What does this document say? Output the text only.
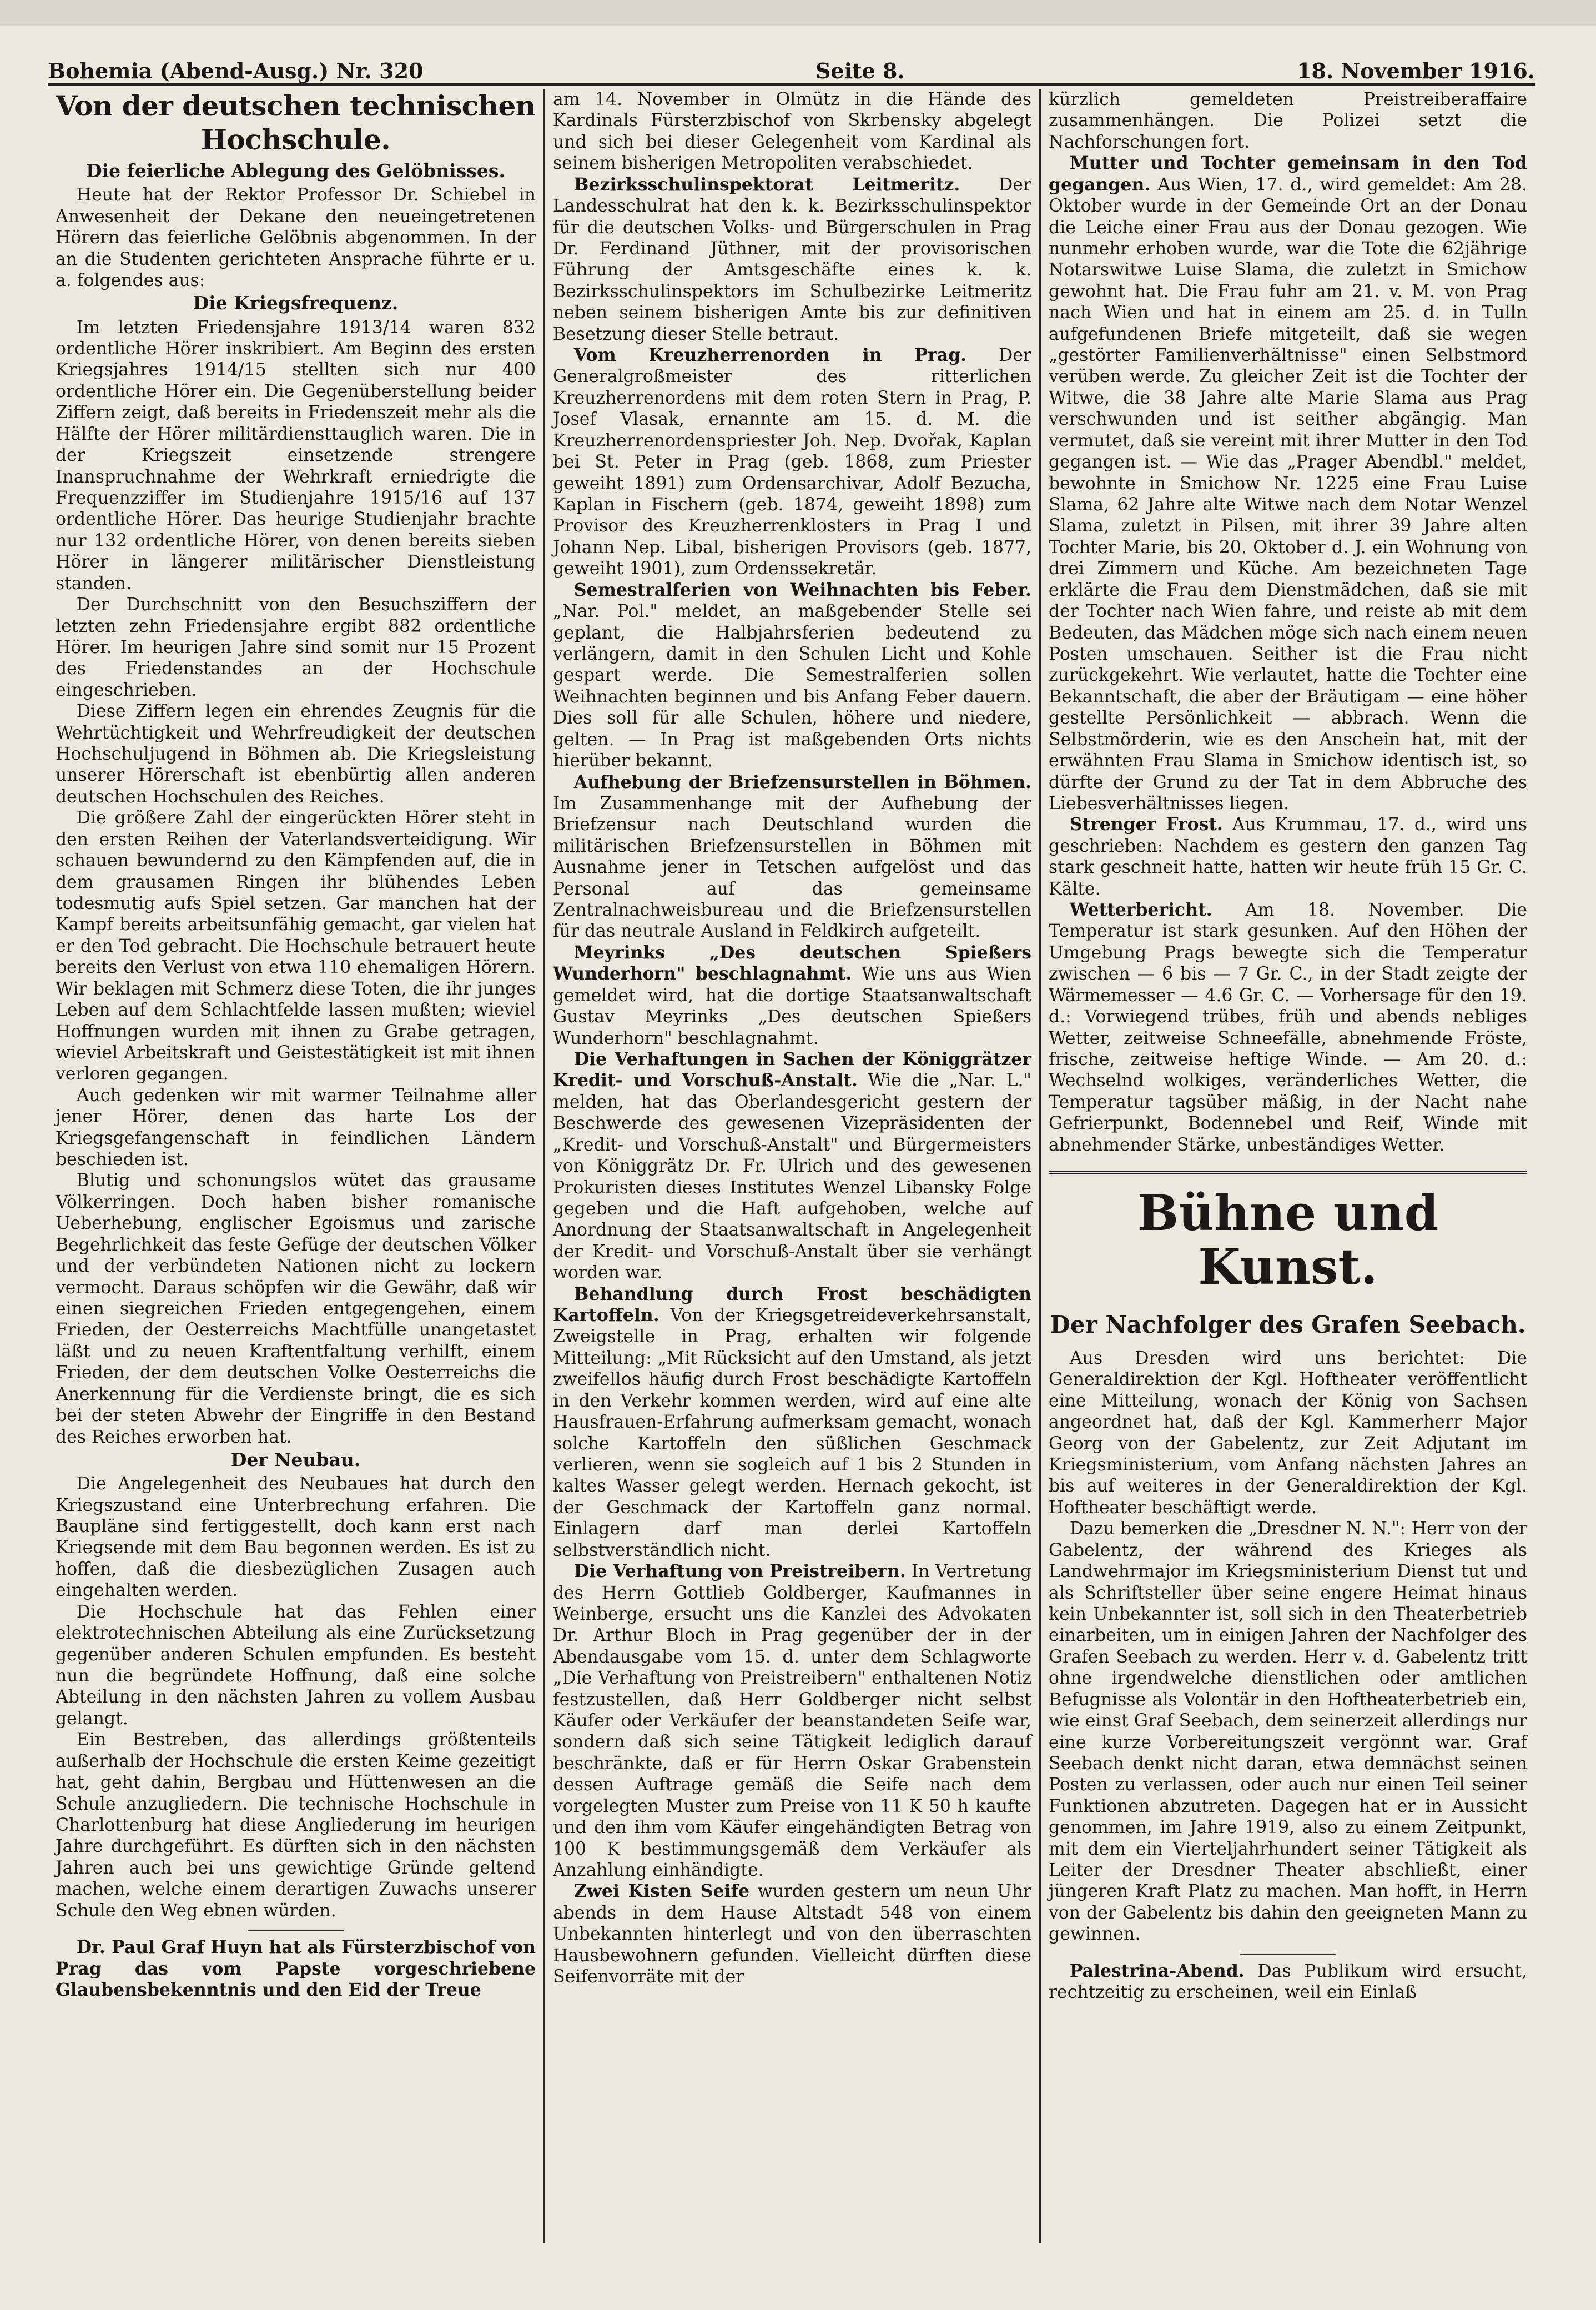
Bohemia (Abend-Ausg.) Nr. 320	Seite 8.	18. November 1916.
Von der deutschen technischen Hochschule.
Die feierliche Ablegung des Gelöbnisses.

Heute hat der Rektor Professor Dr. Schiebel in Anwesenheit der Dekane den neueingetretenen Hörern das feierliche Gelöbnis abgenommen. In der an die Studenten gerichteten Ansprache führte er u. a. folgendes aus:

Die Kriegsfrequenz.

Im letzten Friedensjahre 1913/14 waren 832 ordentliche Hörer inskribiert. Am Beginn des ersten Kriegsjahres 1914/15 stellten sich nur 400 ordentliche Hörer ein. Die Gegenüberstellung beider Ziffern zeigt, daß bereits in Friedenszeit mehr als die Hälfte der Hörer militärdiensttauglich waren. Die in der Kriegszeit einsetzende strengere Inanspruchnahme der Wehrkraft erniedrigte die Frequenzziffer im Studienjahre 1915/16 auf 137 ordentliche Hörer. Das heurige Studienjahr brachte nur 132 ordentliche Hörer, von denen bereits sieben Hörer in längerer militärischer Dienstleistung standen.

Der Durchschnitt von den Besuchsziffern der letzten zehn Friedensjahre ergibt 882 ordentliche Hörer. Im heurigen Jahre sind somit nur 15 Prozent des Friedenstandes an der Hochschule eingeschrieben.

Diese Ziffern legen ein ehrendes Zeugnis für die Wehrtüchtigkeit und Wehrfreudigkeit der deutschen Hochschuljugend in Böhmen ab. Die Kriegsleistung unserer Hörerschaft ist ebenbürtig allen anderen deutschen Hochschulen des Reiches.

Die größere Zahl der eingerückten Hörer steht in den ersten Reihen der Vaterlandsverteidigung. Wir schauen bewundernd zu den Kämpfenden auf, die in dem grausamen Ringen ihr blühendes Leben todesmutig aufs Spiel setzen. Gar manchen hat der Kampf bereits arbeitsunfähig gemacht, gar vielen hat er den Tod gebracht. Die Hochschule betrauert heute bereits den Verlust von etwa 110 ehemaligen Hörern. Wir beklagen mit Schmerz diese Toten, die ihr junges Leben auf dem Schlachtfelde lassen mußten; wieviel Hoffnungen wurden mit ihnen zu Grabe getragen, wieviel Arbeitskraft und Geistestätigkeit ist mit ihnen verloren gegangen.

Auch gedenken wir mit warmer Teilnahme aller jener Hörer, denen das harte Los der Kriegsgefangenschaft in feindlichen Ländern beschieden ist.

Blutig und schonungslos wütet das grausame Völkerringen. Doch haben bisher romanische Ueberhebung, englischer Egoismus und zarische Begehrlichkeit das feste Gefüge der deutschen Völker und der verbündeten Nationen nicht zu lockern vermocht. Daraus schöpfen wir die Gewähr, daß wir einen siegreichen Frieden entgegengehen, einem Frieden, der Oesterreichs Machtfülle unangetastet läßt und zu neuen Kraftentfaltung verhilft, einem Frieden, der dem deutschen Volke Oesterreichs die Anerkennung für die Verdienste bringt, die es sich bei der steten Abwehr der Eingriffe in den Bestand des Reiches erworben hat.

Der Neubau.

Die Angelegenheit des Neubaues hat durch den Kriegszustand eine Unterbrechung erfahren. Die Baupläne sind fertiggestellt, doch kann erst nach Kriegsende mit dem Bau begonnen werden. Es ist zu hoffen, daß die diesbezüglichen Zusagen auch eingehalten werden.

Die Hochschule hat das Fehlen einer elektrotechnischen Abteilung als eine Zurücksetzung gegenüber anderen Schulen empfunden. Es besteht nun die begründete Hoffnung, daß eine solche Abteilung in den nächsten Jahren zu vollem Ausbau gelangt.

Ein Bestreben, das allerdings größtenteils außerhalb der Hochschule die ersten Keime gezeitigt hat, geht dahin, Bergbau und Hüttenwesen an die Schule anzugliedern. Die technische Hochschule in Charlottenburg hat diese Angliederung im heurigen Jahre durchgeführt. Es dürften sich in den nächsten Jahren auch bei uns gewichtige Gründe geltend machen, welche einem derartigen Zuwachs unserer Schule den Weg ebnen würden.

Dr. Paul Graf Huyn hat als Fürsterzbischof von Prag das vom Papste vorgeschriebene Glaubensbekenntnis und den Eid der Treue

am 14. November in Olmütz in die Hände des Kardinals Fürsterzbischof von Skrbensky abgelegt und sich bei dieser Gelegenheit vom Kardinal als seinem bisherigen Metropoliten verabschiedet.

Bezirksschulinspektorat Leitmeritz. Der Landesschulrat hat den k. k. Bezirksschulinspektor für die deutschen Volks- und Bürgerschulen in Prag Dr. Ferdinand Jüthner, mit der provisorischen Führung der Amtsgeschäfte eines k. k. Bezirksschulinspektors im Schulbezirke Leitmeritz neben seinem bisherigen Amte bis zur definitiven Besetzung dieser Stelle betraut.

Vom Kreuzherrenorden in Prag. Der Generalgroßmeister des ritterlichen Kreuzherrenordens mit dem roten Stern in Prag, P. Josef Vlasak, ernannte am 15. d. M. die Kreuzherrenordenspriester Joh. Nep. Dvořak, Kaplan bei St. Peter in Prag (geb. 1868, zum Priester geweiht 1891) zum Ordensarchivar, Adolf Bezucha, Kaplan in Fischern (geb. 1874, geweiht 1898) zum Provisor des Kreuzherrenklosters in Prag I und Johann Nep. Libal, bisherigen Provisors (geb. 1877, geweiht 1901), zum Ordenssekretär.

Semestralferien von Weihnachten bis Feber. „Nar. Pol." meldet, an maßgebender Stelle sei geplant, die Halbjahrsferien bedeutend zu verlängern, damit in den Schulen Licht und Kohle gespart werde. Die Semestralferien sollen Weihnachten beginnen und bis Anfang Feber dauern. Dies soll für alle Schulen, höhere und niedere, gelten. — In Prag ist maßgebenden Orts nichts hierüber bekannt.

Aufhebung der Briefzensurstellen in Böhmen. Im Zusammenhange mit der Aufhebung der Briefzensur nach Deutschland wurden die militärischen Briefzensurstellen in Böhmen mit Ausnahme jener in Tetschen aufgelöst und das Personal auf das gemeinsame Zentralnachweisbureau und die Briefzensurstellen für das neutrale Ausland in Feldkirch aufgeteilt.

Meyrinks „Des deutschen Spießers Wunderhorn" beschlagnahmt. Wie uns aus Wien gemeldet wird, hat die dortige Staatsanwaltschaft Gustav Meyrinks „Des deutschen Spießers Wunderhorn" beschlagnahmt.

Die Verhaftungen in Sachen der Königgrätzer Kredit- und Vorschuß-Anstalt. Wie die „Nar. L." melden, hat das Oberlandesgericht gestern der Beschwerde des gewesenen Vizepräsidenten der „Kredit- und Vorschuß-Anstalt" und Bürgermeisters von Königgrätz Dr. Fr. Ulrich und des gewesenen Prokuristen dieses Institutes Wenzel Libansky Folge gegeben und die Haft aufgehoben, welche auf Anordnung der Staatsanwaltschaft in Angelegenheit der Kredit- und Vorschuß-Anstalt über sie verhängt worden war.

Behandlung durch Frost beschädigten Kartoffeln. Von der Kriegsgetreideverkehrsanstalt, Zweigstelle in Prag, erhalten wir folgende Mitteilung: „Mit Rücksicht auf den Umstand, als jetzt zweifellos häufig durch Frost beschädigte Kartoffeln in den Verkehr kommen werden, wird auf eine alte Hausfrauen-Erfahrung aufmerksam gemacht, wonach solche Kartoffeln den süßlichen Geschmack verlieren, wenn sie sogleich auf 1 bis 2 Stunden in kaltes Wasser gelegt werden. Hernach gekocht, ist der Geschmack der Kartoffeln ganz normal. Einlagern darf man derlei Kartoffeln selbstverständlich nicht.

Die Verhaftung von Preistreibern. In Vertretung des Herrn Gottlieb Goldberger, Kaufmannes in Weinberge, ersucht uns die Kanzlei des Advokaten Dr. Arthur Bloch in Prag gegenüber der in der Abendausgabe vom 15. d. unter dem Schlagworte „Die Verhaftung von Preistreibern" enthaltenen Notiz festzustellen, daß Herr Goldberger nicht selbst Käufer oder Verkäufer der beanstandeten Seife war, sondern daß sich seine Tätigkeit lediglich darauf beschränkte, daß er für Herrn Oskar Grabenstein dessen Auftrage gemäß die Seife nach dem vorgelegten Muster zum Preise von 11 K 50 h kaufte und den ihm vom Käufer eingehändigten Betrag von 100 K bestimmungsgemäß dem Verkäufer als Anzahlung einhändigte.

Zwei Kisten Seife wurden gestern um neun Uhr abends in dem Hause Altstadt 548 von einem Unbekannten hinterlegt und von den überraschten Hausbewohnern gefunden. Vielleicht dürften diese Seifenvorräte mit der

kürzlich gemeldeten Preistreiberaffaire zusammenhängen. Die Polizei setzt die Nachforschungen fort.

Mutter und Tochter gemeinsam in den Tod gegangen. Aus Wien, 17. d., wird gemeldet: Am 28. Oktober wurde in der Gemeinde Ort an der Donau die Leiche einer Frau aus der Donau gezogen. Wie nunmehr erhoben wurde, war die Tote die 62jährige Notarswitwe Luise Slama, die zuletzt in Smichow gewohnt hat. Die Frau fuhr am 21. v. M. von Prag nach Wien und hat in einem am 25. d. in Tulln aufgefundenen Briefe mitgeteilt, daß sie wegen „gestörter Familienverhältnisse" einen Selbstmord verüben werde. Zu gleicher Zeit ist die Tochter der Witwe, die 38 Jahre alte Marie Slama aus Prag verschwunden und ist seither abgängig. Man vermutet, daß sie vereint mit ihrer Mutter in den Tod gegangen ist. — Wie das „Prager Abendbl." meldet, bewohnte in Smichow Nr. 1225 eine Frau Luise Slama, 62 Jahre alte Witwe nach dem Notar Wenzel Slama, zuletzt in Pilsen, mit ihrer 39 Jahre alten Tochter Marie, bis 20. Oktober d. J. ein Wohnung von drei Zimmern und Küche. Am bezeichneten Tage erklärte die Frau dem Dienstmädchen, daß sie mit der Tochter nach Wien fahre, und reiste ab mit dem Bedeuten, das Mädchen möge sich nach einem neuen Posten umschauen. Seither ist die Frau nicht zurückgekehrt. Wie verlautet, hatte die Tochter eine Bekanntschaft, die aber der Bräutigam — eine höher gestellte Persönlichkeit — abbrach. Wenn die Selbstmörderin, wie es den Anschein hat, mit der erwähnten Frau Slama in Smichow identisch ist, so dürfte der Grund zu der Tat in dem Abbruche des Liebesverhältnisses liegen.

Strenger Frost. Aus Krummau, 17. d., wird uns geschrieben: Nachdem es gestern den ganzen Tag stark geschneit hatte, hatten wir heute früh 15 Gr. C. Kälte.

Wetterbericht. Am 18. November. Die Temperatur ist stark gesunken. Auf den Höhen der Umgebung Prags bewegte sich die Temperatur zwischen — 6 bis — 7 Gr. C., in der Stadt zeigte der Wärmemesser — 4.6 Gr. C. — Vorhersage für den 19. d.: Vorwiegend trübes, früh und abends nebliges Wetter, zeitweise Schneefälle, abnehmende Fröste, frische, zeitweise heftige Winde. — Am 20. d.: Wechselnd wolkiges, veränderliches Wetter, die Temperatur tagsüber mäßig, in der Nacht nahe Gefrierpunkt, Bodennebel und Reif, Winde mit abnehmender Stärke, unbeständiges Wetter.

Bühne und Kunst.
Der Nachfolger des Grafen Seebach.

Aus Dresden wird uns berichtet: Die Generaldirektion der Kgl. Hoftheater veröffentlicht eine Mitteilung, wonach der König von Sachsen angeordnet hat, daß der Kgl. Kammerherr Major Georg von der Gabelentz, zur Zeit Adjutant im Kriegsministerium, vom Anfang nächsten Jahres an bis auf weiteres in der Generaldirektion der Kgl. Hoftheater beschäftigt werde.

Dazu bemerken die „Dresdner N. N.": Herr von der Gabelentz, der während des Krieges als Landwehrmajor im Kriegsministerium Dienst tut und als Schriftsteller über seine engere Heimat hinaus kein Unbekannter ist, soll sich in den Theaterbetrieb einarbeiten, um in einigen Jahren der Nachfolger des Grafen Seebach zu werden. Herr v. d. Gabelentz tritt ohne irgendwelche dienstlichen oder amtlichen Befugnisse als Volontär in den Hoftheaterbetrieb ein, wie einst Graf Seebach, dem seinerzeit allerdings nur eine kurze Vorbereitungszeit vergönnt war. Graf Seebach denkt nicht daran, etwa demnächst seinen Posten zu verlassen, oder auch nur einen Teil seiner Funktionen abzutreten. Dagegen hat er in Aussicht genommen, im Jahre 1919, also zu einem Zeitpunkt, mit dem ein Vierteljahrhundert seiner Tätigkeit als Leiter der Dresdner Theater abschließt, einer jüngeren Kraft Platz zu machen. Man hofft, in Herrn von der Gabelentz bis dahin den geeigneten Mann zu gewinnen.

Palestrina-Abend. Das Publikum wird ersucht, rechtzeitig zu erscheinen, weil ein Einlaß
